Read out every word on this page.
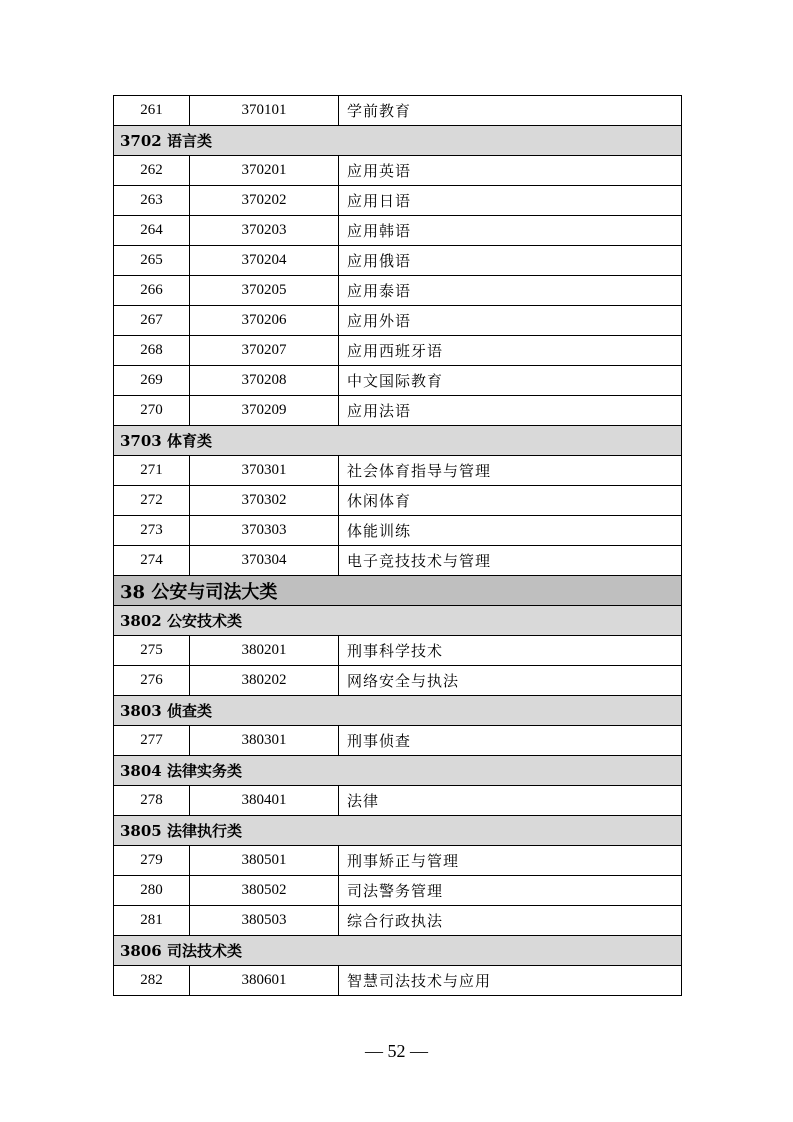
261	370101	学前教育
3702 语言类		
262	370201	应用英语
263	370202	应用日语
264	370203	应用韩语
265	370204	应用俄语
266	370205	应用泰语
267	370206	应用外语
268	370207	应用西班牙语
269	370208	中文国际教育
270	370209	应用法语
3703 体育类		
271	370301	社会体育指导与管理
272	370302	休闲体育
273	370303	体能训练
274	370304	电子竞技技术与管理
38 公安与司法大类		
3802 公安技术类		
275	380201	刑事科学技术
276	380202	网络安全与执法
3803 侦查类		
277	380301	刑事侦查
3804 法律实务类		
278	380401	法律
3805 法律执行类		
279	380501	刑事矫正与管理
280	380502	司法警务管理
281	380503	综合行政执法
3806 司法技术类		
282	380601	智慧司法技术与应用
— 52 —
